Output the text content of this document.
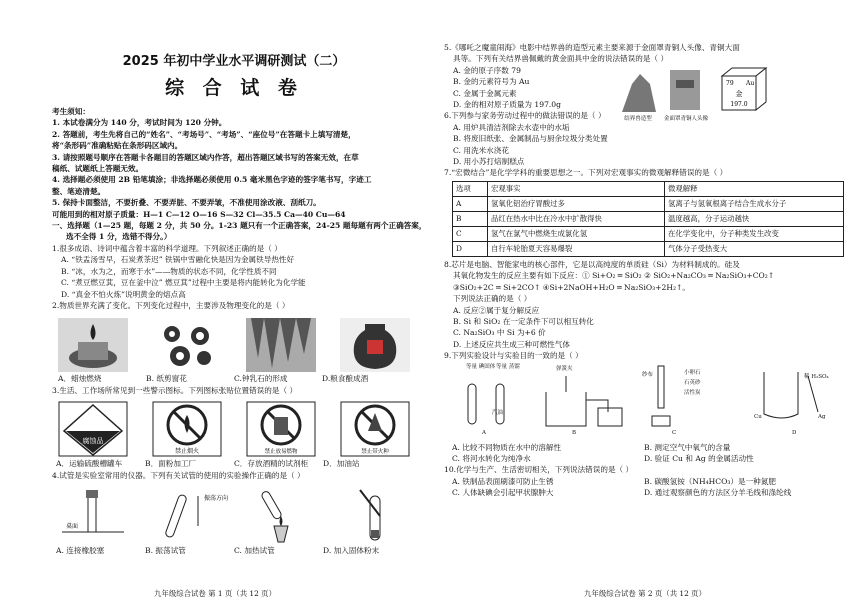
2025 年初中学业水平调研测试（二）
综 合 试 卷
考生须知：
1. 本试卷满分为 140 分，考试时间为 120 分钟。
2. 答题前，考生先将自己的“姓名”、“考场号”、“考场”、“座位号”在答题卡上填写清楚，
将“条形码”准确粘贴在条形码区域内。
3. 请按照题号顺序在答题卡各题目的答题区域内作答，超出答题区域书写的答案无效，在草
稿纸、试题纸上答题无效。
4. 选择题必须使用 2B 铅笔填涂；非选择题必须使用 0.5 毫米黑色字迹的签字笔书写，字迹工
整、笔迹清楚。
5. 保持卡面整洁，不要折叠、不要弄脏、不要弄皱，不准使用涂改液、刮纸刀。
可能用到的相对原子质量：H—1 C—12 O—16 S—32 Cl—35.5 Ca—40 Cu—64
一、选择题（1—25 题，每题 2 分，共 50 分。1-23 题只有一个正确答案，24-25 题每题有两个正确答案，
选不全得 1 分，选错不得分。）
1.很多成语、诗词中蕴含着丰富的科学道理。下列叙述正确的是（ ）
A. “铁盂汤雪早，石炭煮茶迟” 铁锅中雪融化快是因为金属铁导热性好
B. “冰，水为之，而寒于水”——物质的状态不同，化学性质不同
C. “煮豆燃豆萁，豆在釜中泣” 燃豆萁”过程中主要是将内能转化为化学能
D. “真金不怕火炼”说明黄金的熔点高
2.物质世界充满了变化。下列变化过程中，主要涉及物理变化的是（ ）
A．蜡烛燃烧	B. 纸剪窗花	C.钟乳石的形成	D.粮食酿成酒
3.生活、工作场所常见到一些警示图标。下列图标张贴位置错误的是（ ）
腐蚀品
禁止烟火	禁止放易燃物	禁止带火种
A．运输硫酸槽罐车	B．面粉加工厂	C．存放酒精的试剂柜	D．加油站
4.试管是实验室常用的仪器。下列有关试管的使用的实验操作正确的是（ ）
桌面
振荡方向
A. 连接橡胶塞	B. 振荡试管	C. 加热试管	D. 加入固体粉末
九年级综合试卷 第 1 页（共 12 页）
5.《哪吒之魔童闹海》电影中结界兽的造型元素主要来源于金面罩青铜人头像、青铜大面
具等。下列有关结界兽佩戴的黄金面具中金的说法错误的是（ ）
A. 金的原子序数 79
B. 金的元素符号为 Au
C. 金属于金属元素
D. 金的相对原子质量为 197.0g
结界兽造型 金面罩青铜人头像
79 Au
金
197.0
6.下列参与家务劳动过程中的做法错误的是（ ）
A. 用炉具清洁剂除去水壶中的水垢
B. 将废旧纸张、金属制品与厨余垃圾分类处置
C. 用洗米水浇花
D. 用小苏打焙制糕点
7.“宏微结合”是化学学科的重要思想之一。下列对宏观事实的微观解释错误的是（ ）
选项	宏观事实	微观解释
A	氢氧化铝治疗胃酸过多	氢离子与氢氧根离子结合生成水分子
B	品红在热水中比在冷水中扩散得快	温度越高，分子运动越快
C	氢气在氯气中燃烧生成氯化氢	在化学变化中，分子种类发生改变
D	自行车轮胎夏天容易爆裂	气体分子受热变大
8.芯片是电脑、智能家电的核心部件，它是以高纯度的单质硅（Si）为材料制成的。硅及
其氧化物发生的反应主要有如下反应：① Si+O₂ ═ SiO₂ ② SiO₂+Na₂CO₃ ═ Na₂SiO₃+CO₂↑
③SiO₂+2C ═ Si+2CO↑ ④Si+2NaOH+H₂O ═ Na₂SiO₃+2H₂↑。
下列说法正确的是（ ）
A. 反应②属于复分解反应
B. Si 和 SiO₂ 在一定条件下可以相互转化
C. Na₂SiO₃ 中 Si 为+6 价
D. 上述反应共生成三种可燃性气体
9.下列实验设计与实验目的一致的是（ ）
等量 碘固体 等量 蒸馏	弹簧夹
小卵石
石英砂
纱布
活性炭
稀 H₂SO₄
Cu	Ag
汽油
A	B	C	D
A. 比较不同物质在水中的溶解性	B. 测定空气中氧气的含量
C. 将河水转化为纯净水	D. 验证 Cu 和 Ag 的金属活动性
10.化学与生产、生活密切相关，下列说法错误的是（ ）
A. 铁制品表面刷漆可防止生锈	B. 碳酸氢铵（NH₄HCO₃）是一种氮肥
C. 人体缺碘会引起甲状腺肿大	D. 通过观察颜色的方法区分羊毛线和涤纶线
九年级综合试卷 第 2 页（共 12 页）
